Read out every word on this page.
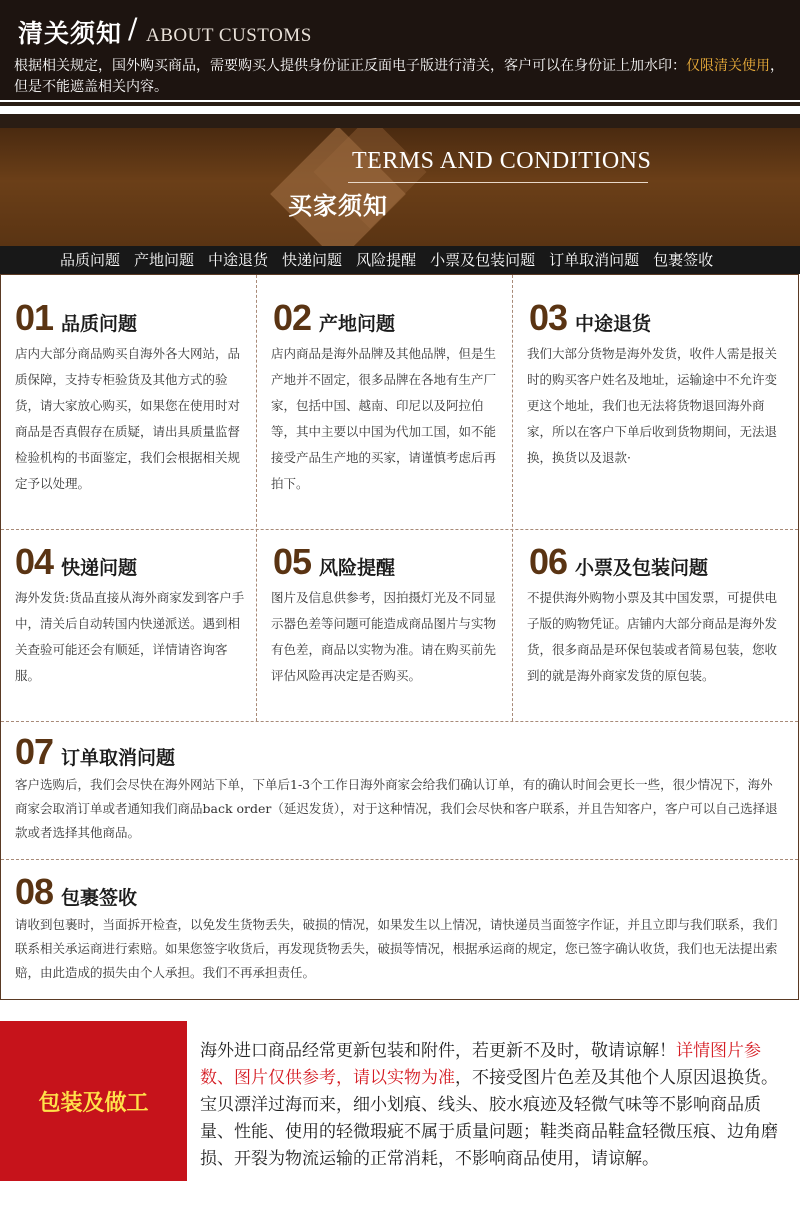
清关须知 / ABOUT CUSTOMS
根据相关规定，国外购买商品，需要购买人提供身份证正反面电子版进行清关，客户可以在身份证上加水印：仅限清关使用，但是不能遮盖相关内容。
TERMS AND CONDITIONS
买家须知
品质问题 产地问题 中途退货 快递问题 风险提醒 小票及包装问题 订单取消问题 包裹签收
01 品质问题
店内大部分商品购买自海外各大网站，品质保障，支持专柜验货及其他方式的验货，请大家放心购买，如果您在使用时对商品是否真假存在质疑，请出具质量监督检验机构的书面鉴定，我们会根据相关规定予以处理。
02 产地问题
店内商品是海外品牌及其他品牌，但是生产地并不固定，很多品牌在各地有生产厂家，包括中国、越南、印尼以及阿拉伯等，其中主要以中国为代加工国，如不能接受产品生产地的买家，请谨慎考虑后再拍下。
03 中途退货
我们大部分货物是海外发货，收件人需是报关时的购买客户姓名及地址，运输途中不允许变更这个地址，我们也无法将货物退回海外商家，所以在客户下单后收到货物期间，无法退换，换货以及退款·
04 快递问题
海外发货:货品直接从海外商家发到客户手中，清关后自动转国内快递派送。遇到相关查验可能还会有顺延，详情请咨询客服。
05 风险提醒
图片及信息供参考，因拍摄灯光及不同显示器色差等问题可能造成商品图片与实物有色差，商品以实物为准。请在购买前先评估风险再决定是否购买。
06 小票及包装问题
不提供海外购物小票及其中国发票，可提供电子版的购物凭证。店铺内大部分商品是海外发货，很多商品是环保包装或者简易包装，您收到的就是海外商家发货的原包装。
07 订单取消问题
客户选购后，我们会尽快在海外网站下单，下单后1-3个工作日海外商家会给我们确认订单，有的确认时间会更长一些，很少情况下，海外商家会取消订单或者通知我们商品back order（延迟发货），对于这种情况，我们会尽快和客户联系，并且告知客户，客户可以自己选择退款或者选择其他商品。
08 包裹签收
请收到包裹时，当面拆开检查，以免发生货物丢失，破损的情况，如果发生以上情况，请快递员当面签字作证，并且立即与我们联系，我们联系相关承运商进行索赔。如果您签字收货后，再发现货物丢失，破损等情况，根据承运商的规定，您已签字确认收货，我们也无法提出索赔，由此造成的损失由个人承担。我们不再承担责任。
包装及做工
海外进口商品经常更新包装和附件，若更新不及时，敬请谅解！详情图片参数、图片仅供参考，请以实物为准，不接受图片色差及其他个人原因退换货。宝贝漂洋过海而来，细小划痕、线头、胶水痕迹及轻微气味等不影响商品质量、性能、使用的轻微瑕疵不属于质量问题；鞋类商品鞋盒轻微压痕、边角磨损、开裂为物流运输的正常消耗，不影响商品使用，请谅解。
